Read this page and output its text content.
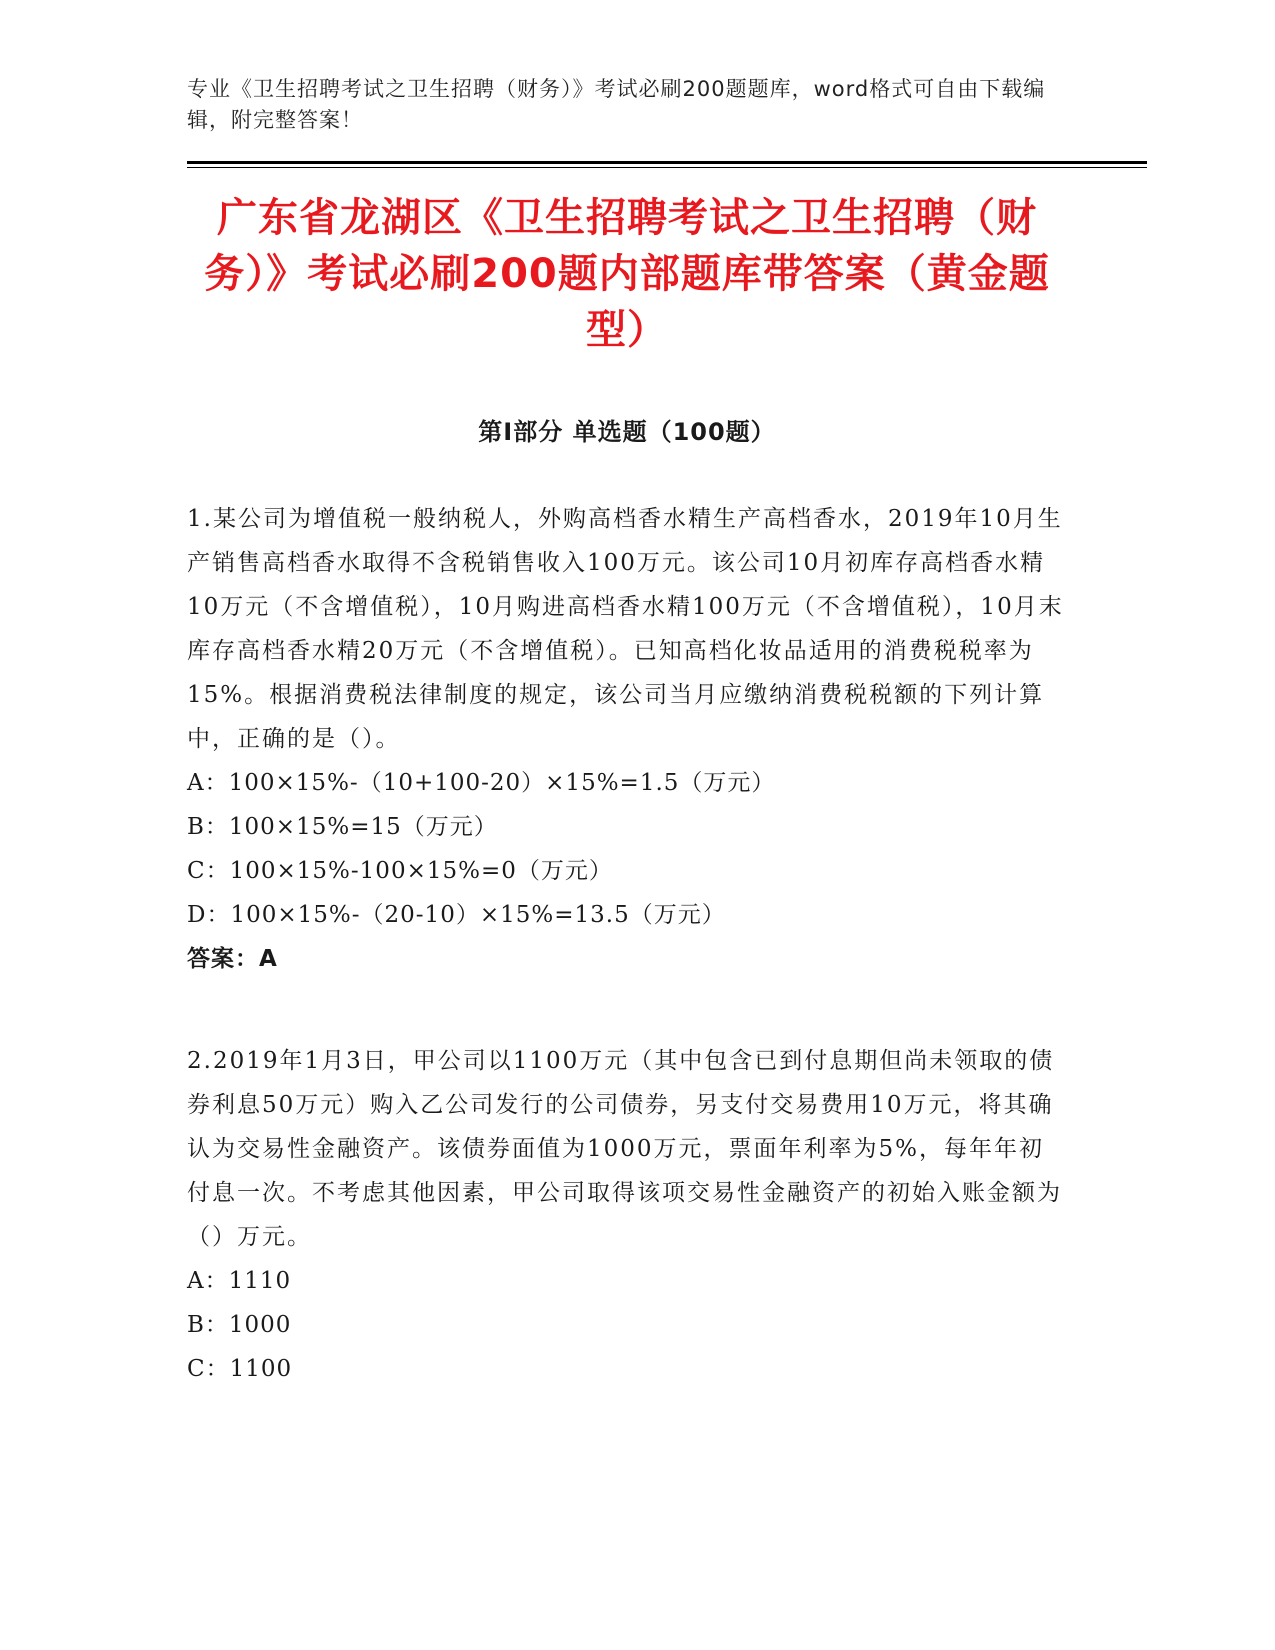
专业《卫生招聘考试之卫生招聘（财务）》考试必刷200题题库，word格式可自由下载编辑，附完整答案！

广东省龙湖区《卫生招聘考试之卫生招聘（财务）》考试必刷200题内部题库带答案（黄金题型）
第I部分 单选题（100题）

1.某公司为增值税一般纳税人，外购高档香水精生产高档香水，2019年10月生产销售高档香水取得不含税销售收入100万元。该公司10月初库存高档香水精10万元（不含增值税），10月购进高档香水精100万元（不含增值税），10月末库存高档香水精20万元（不含增值税）。已知高档化妆品适用的消费税税率为15%。根据消费税法律制度的规定，该公司当月应缴纳消费税税额的下列计算中，正确的是（）。

A： 100×15%-（10+100-20）×15%=1.5（万元）
B： 100×15%=15（万元）
C： 100×15%-100×15%=0（万元）
D： 100×15%-（20-10）×15%=13.5（万元）

答案：A

2.2019年1月3日，甲公司以1100万元（其中包含已到付息期但尚未领取的债券利息50万元）购入乙公司发行的公司债券，另支付交易费用10万元，将其确认为交易性金融资产。该债券面值为1000万元，票面年利率为5%，每年年初付息一次。不考虑其他因素，甲公司取得该项交易性金融资产的初始入账金额为（）万元。

A： 1110
B： 1000
C： 1100
